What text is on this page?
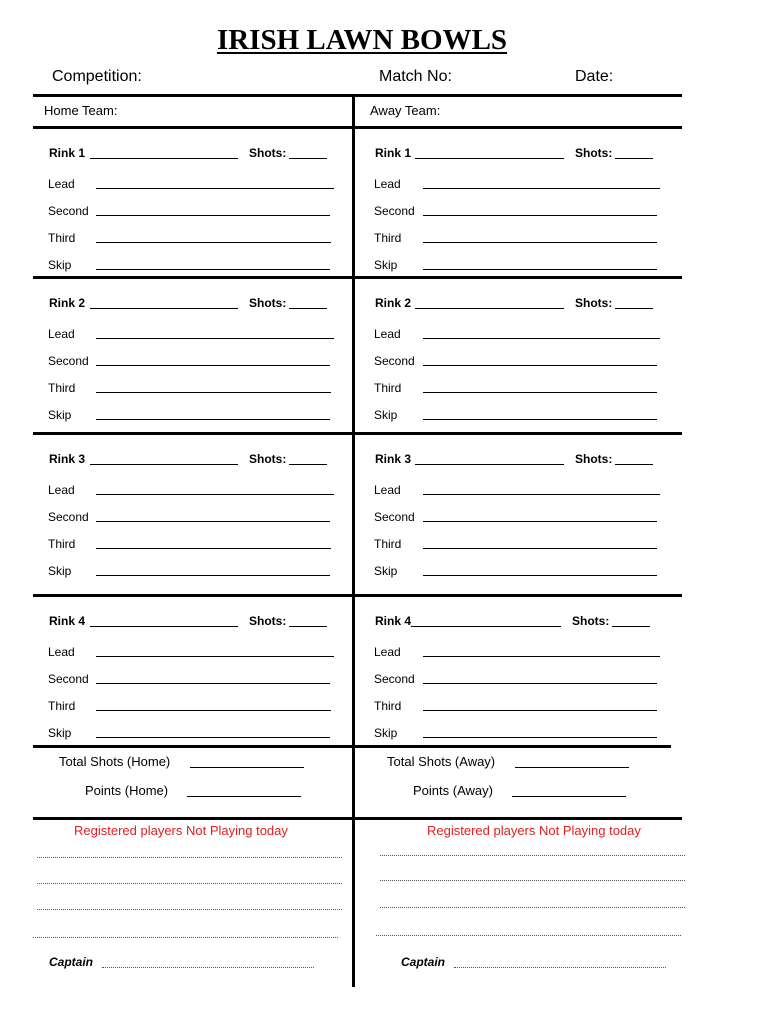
IRISH LAWN BOWLS
Competition:	Match No:	Date:
Home Team:	Away Team:
Rink 1	Shots:
Lead
Second
Third
Skip
Rink 1	Shots:
Lead
Second
Third
Skip
Rink 2	Shots:
Lead
Second
Third
Skip
Rink 2	Shots:
Lead
Second
Third
Skip
Rink 3	Shots:
Lead
Second
Third
Skip
Rink 3	Shots:
Lead
Second
Third
Skip
Rink 4	Shots:
Lead
Second
Third
Skip
Rink 4	Shots:
Lead
Second
Third
Skip
Total Shots (Home)
Points (Home)
Total Shots (Away)
Points (Away)
Registered players Not Playing today	Registered players Not Playing today
Captain	Captain
